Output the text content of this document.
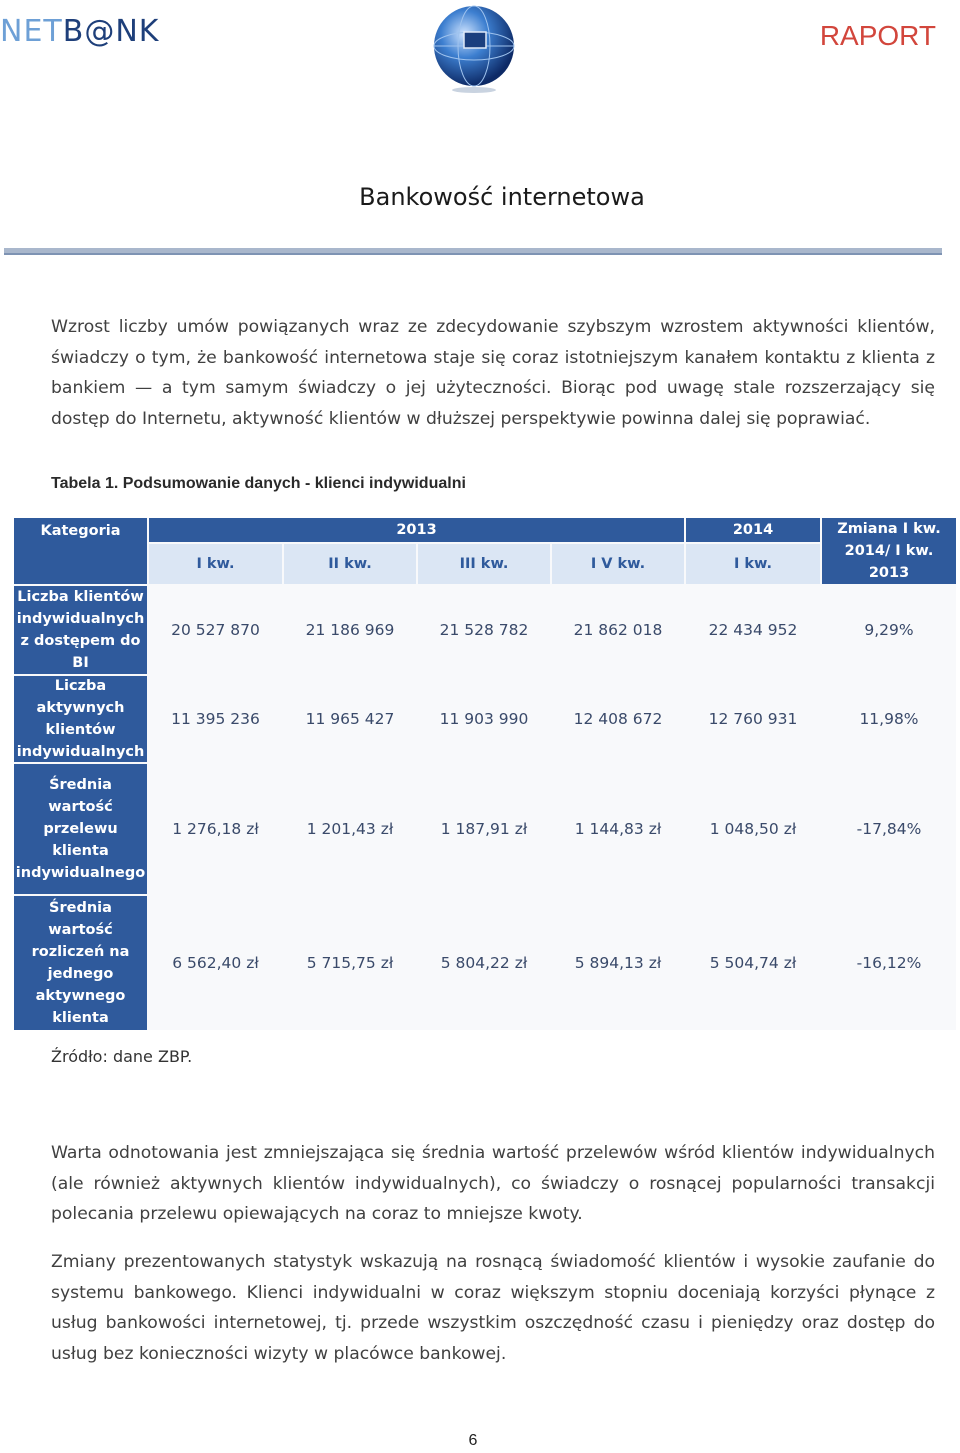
NETB@NK	RAPORT
Bankowość internetowa
Wzrost liczby umów powiązanych wraz ze zdecydowanie szybszym wzrostem aktywności klientów, świadczy o tym, że bankowość internetowa staje się coraz istotniejszym kanałem kontaktu z klienta z bankiem — a tym samym świadczy o jej użyteczności. Biorąc pod uwagę stale rozszerzający się dostęp do Internetu, aktywność klientów w dłuższej perspektywie powinna dalej się poprawiać.
Tabela 1. Podsumowanie danych - klienci indywidualni
Kategoria	2013	2014	Zmiana I kw. 2014/ I kw. 2013
I kw.	II kw.	III kw.	I V kw.	I kw.
Liczba klientów indywidualnych z dostępem do BI
20 527 870	21 186 969	21 528 782	21 862 018	22 434 952	9,29%
Liczba aktywnych klientów indywidualnych
11 395 236	11 965 427	11 903 990	12 408 672	12 760 931	11,98%
Średnia wartość przelewu klienta indywidualnego
1 276,18 zł	1 201,43 zł	1 187,91 zł	1 144,83 zł	1 048,50 zł	-17,84%
Średnia wartość rozliczeń na jednego aktywnego klienta
6 562,40 zł	5 715,75 zł	5 804,22 zł	5 894,13 zł	5 504,74 zł	-16,12%
Źródło: dane ZBP.
Warta odnotowania jest zmniejszająca się średnia wartość przelewów wśród klientów indywidualnych (ale również aktywnych klientów indywidualnych), co świadczy o rosnącej popularności transakcji polecania przelewu opiewających na coraz to mniejsze kwoty.
Zmiany prezentowanych statystyk wskazują na rosnącą świadomość klientów i wysokie zaufanie do systemu bankowego. Klienci indywidualni w coraz większym stopniu doceniają korzyści płynące z usług bankowości internetowej, tj. przede wszystkim oszczędność czasu i pieniędzy oraz dostęp do usług bez konieczności wizyty w placówce bankowej.
6
